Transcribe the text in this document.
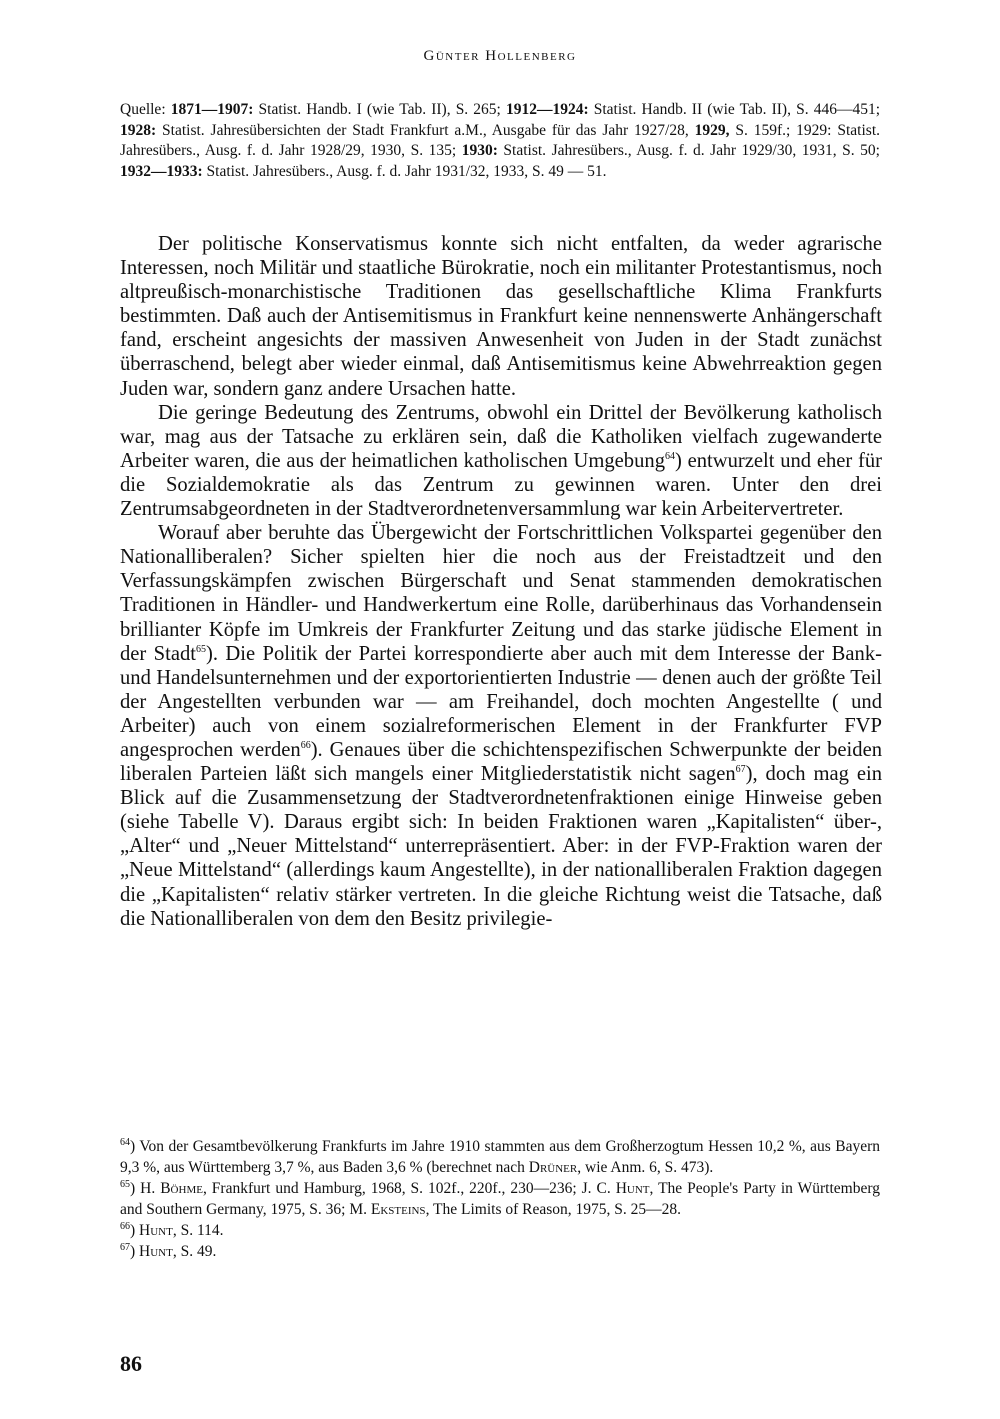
Günter Hollenberg
Quelle: 1871—1907: Statist. Handb. I (wie Tab. II), S. 265; 1912—1924: Statist. Handb. II (wie Tab. II), S. 446—451; 1928: Statist. Jahresübersichten der Stadt Frankfurt a.M., Ausgabe für das Jahr 1927/28, 1929, S. 159f.; 1929: Statist. Jahresübers., Ausg. f. d. Jahr 1928/29, 1930, S. 135; 1930: Statist. Jahresübers., Ausg. f. d. Jahr 1929/30, 1931, S. 50; 1932—1933: Statist. Jahresübers., Ausg. f. d. Jahr 1931/32, 1933, S. 49 — 51.

Der politische Konservatismus konnte sich nicht entfalten, da weder agrarische Interessen, noch Militär und staatliche Bürokratie, noch ein militanter Protestantismus, noch altpreußisch-monarchistische Traditionen das gesellschaftliche Klima Frankfurts bestimmten. Daß auch der Antisemitismus in Frankfurt keine nennenswerte Anhängerschaft fand, erscheint angesichts der massiven Anwesenheit von Juden in der Stadt zunächst überraschend, belegt aber wieder einmal, daß Antisemitismus keine Abwehrreaktion gegen Juden war, sondern ganz andere Ursachen hatte.

Die geringe Bedeutung des Zentrums, obwohl ein Drittel der Bevölkerung katholisch war, mag aus der Tatsache zu erklären sein, daß die Katholiken vielfach zugewanderte Arbeiter waren, die aus der heimatlichen katholischen Umgebung$^{64}$) entwurzelt und eher für die Sozialdemokratie als das Zentrum zu gewinnen waren. Unter den drei Zentrumsabgeordneten in der Stadtverordnetenversammlung war kein Arbeitervertreter.

Worauf aber beruhte das Übergewicht der Fortschrittlichen Volkspartei gegenüber den Nationalliberalen? Sicher spielten hier die noch aus der Freistadtzeit und den Verfassungskämpfen zwischen Bürgerschaft und Senat stammenden demokratischen Traditionen in Händler- und Handwerkertum eine Rolle, darüberhinaus das Vorhandensein brillianter Köpfe im Umkreis der Frankfurter Zeitung und das starke jüdische Element in der Stadt$^{65}$). Die Politik der Partei korrespondierte aber auch mit dem Interesse der Bank- und Handelsunternehmen und der exportorientierten Industrie — denen auch der größte Teil der Angestellten verbunden war — am Freihandel, doch mochten Angestellte ( und Arbeiter) auch von einem sozialreformerischen Element in der Frankfurter FVP angesprochen werden$^{66}$). Genaues über die schichtenspezifischen Schwerpunkte der beiden liberalen Parteien läßt sich mangels einer Mitgliederstatistik nicht sagen$^{67}$), doch mag ein Blick auf die Zusammensetzung der Stadtverordnetenfraktionen einige Hinweise geben (siehe Tabelle V). Daraus ergibt sich: In beiden Fraktionen waren „Kapitalisten“ über-, „Alter“ und „Neuer Mittelstand“ unterrepräsentiert. Aber: in der FVP-Fraktion waren der „Neue Mittelstand“ (allerdings kaum Angestellte), in der nationalliberalen Fraktion dagegen die „Kapitalisten“ relativ stärker vertreten. In die gleiche Richtung weist die Tatsache, daß die Nationalliberalen von dem den Besitz privilegie-

$^{64}$) Von der Gesamtbevölkerung Frankfurts im Jahre 1910 stammten aus dem Großherzogtum Hessen 10,2 %, aus Bayern 9,3 %, aus Württemberg 3,7 %, aus Baden 3,6 % (berechnet nach Drüner, wie Anm. 6, S. 473).
$^{65}$) H. Böhme, Frankfurt und Hamburg, 1968, S. 102f., 220f., 230—236; J. C. Hunt, The People's Party in Württemberg and Southern Germany, 1975, S. 36; M. Eksteins, The Limits of Reason, 1975, S. 25—28.
$^{66}$) Hunt, S. 114.
$^{67}$) Hunt, S. 49.
86
